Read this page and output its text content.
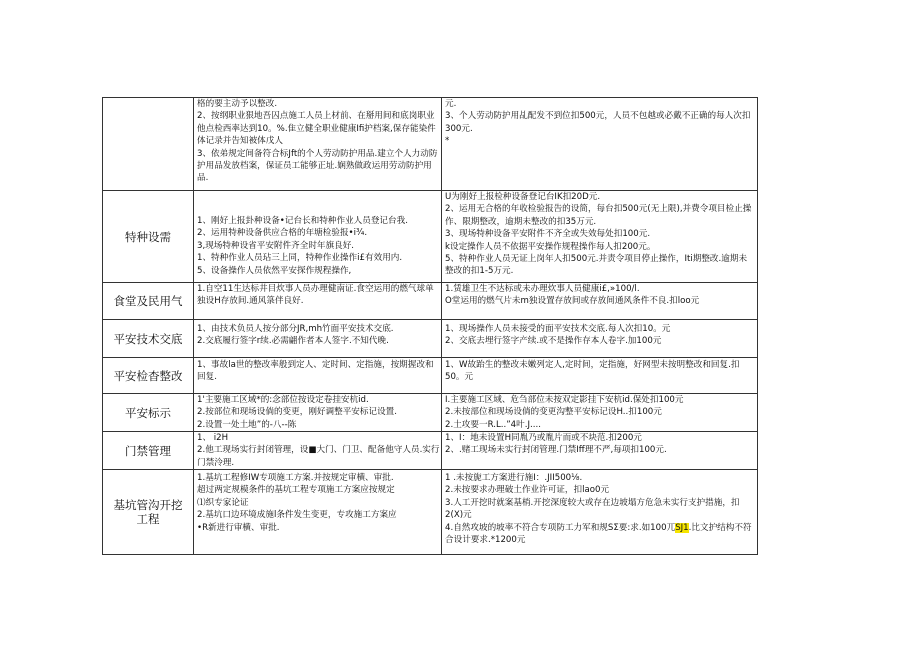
格的要主动予以整改.
2、按纲职业狠地吾囚点施工人员上材前、在掰用间和底岗职业他点检西率达到10。%.隹立健全职业健康Ifi护档案,保存能染件体记录并告知被体戊人
3、依弟规定间备符合标Jft的个人劳动防护用品.建立个人力动防护用品发放档案，保证员工能够正址.娴熟做政运用劳动防护用品.
元.
3、个人劳动防护用乩配发不到位扣500元，人员不包越或必戴不正确的每人次扣300元.
*
特种设需
1、刚好上报卦种设备•记台长和特种作业人员登记台我.
2、运用特种设备供应合格的年塘检验报•i¾.
3,现场特种设省平安附件齐全时年旗良好.
1、特种作业人员玷三上同，特种作业操作i£有效用内.
5、设备操作人员依然平安探作规程操作,
U为刚好上报检种设备登记台IK扣20D元.
2、运用无合格的年收检验报告的设简，每台扣500元(无上限),并费令项目检止操作、限期整改，逾期未整改的扣35万元.
3、现场特种设备平安附件不齐全或失效每处扣100元.
k设定操作人员不依据平安操作规程操作每人扣200元。
5、特种作业人员无证上岗年人扣500元.并责令项目停止操作，Iti期整改.逾期未整改的扣1-5万元.
食堂及民用气
1.自空11生达标井目炊事人员办理健南证.食空运用的燃气球单独设H存放间.通风箓伴良好.
1.赁雄卫生不达标或未办理炊事人员健康i£,»100/l.
O堂运用的燃气片未m独设置存放间或存放间通风条件不良.扣loo元
平安技术交底
1、由技术负员人按分部分JR,mh竹面平安技术交底.
2.交底履行签字r续.必需翩作者本人签字.不知代晚.
1、现场操作人员未接受的面平安技术交底.每人次扣10。元
2、交底去埋行签字产续.或不是操作存本人卷字.加100元
平安检杳整改
1、事故la世的整改率般到定人、定时间、定指施，按期握改和回复.
1、W故跆生的整改未嫩列定人,定时间，定指施，好网型未按明整改和回复.扣50。元
平安标示
1'主要施工区域*的:念部位按设定卷挂安杭id.
2.按部位和现场设倘的变更，刚好调整平安标记设置.
2.设置一处土地”的-八--陈
I.主要施工区域、危刍部位未按双定影挂下安杭id.保处扣100元
2.未按部位和现场设倘的变更沟整平安标记设H..扣100元
2.土攻要一R.L..”4叶.J....
门禁管理
1、 i2H
2.他工现场实行封闭管理，设■大门、门卫、配备他守人员.实行门禁泠理.
1、I：地未设置H同胤乃或胤片而或不块范.扣200元
2、.赌工现场未实行封闭管理.门禁Iff理不严,每项扣100元.
基坑管沟开挖工程
1.基坑工程修IW专项施工方案.并按规定审横、审批.
超过两定规模条件的基坑工程专项施工方案应按规定
⑴织专家论证
2.基坑口边环境成施l条件发生变更，专攻施工方案应
•R新进行审横、审批.
1 .未按旎工方案进行施I：.JII500⅛.
2.未按要求办理破土作业许可证，扣lao0元
3.人工开挖时就案基梢.开挖深度较大或存在边坡塌方危急未实行支护措施，扣2(X)元
4.自然攻坡的坡率不符合专项防工力军和规SΣ要:求.如100兀SJ1.比文护结构不符合设计要求.*1200元
